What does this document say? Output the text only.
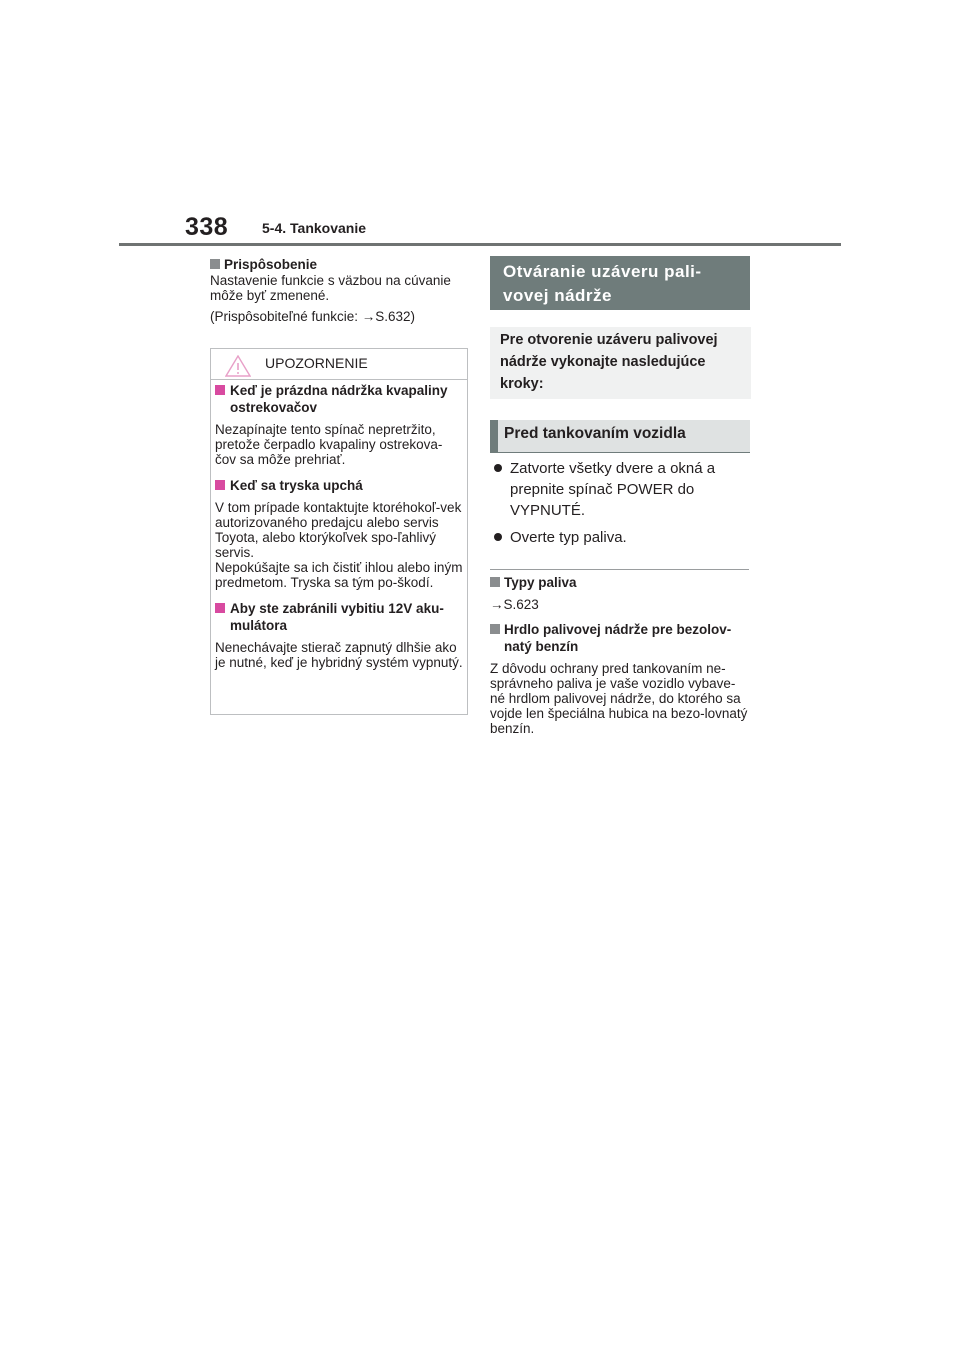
338 5-4. Tankovanie
Prispôsobenie
Nastavenie funkcie s väzbou na cúvanie môže byť zmenené.
(Prispôsobiteľné funkcie: →S.632)
UPOZORNENIE
Keď je prázdna nádržka kvapaliny ostrekovačov
Nezapínajte tento spínač nepretržito, pretože čerpadlo kvapaliny ostrekova-čov sa môže prehriať.
Keď sa tryska upchá
V tom prípade kontaktujte ktoréhokoľ-vek autorizovaného predajcu alebo servis Toyota, alebo ktorýkoľvek spo-ľahlivý servis.
Nepokúšajte sa ich čistiť ihlou alebo iným predmetom. Tryska sa tým po-škodí.
Aby ste zabránili vybitiu 12V aku-mulátora
Nenechávajte stierač zapnutý dlhšie ako je nutné, keď je hybridný systém vypnutý.
Otváranie uzáveru pali-vovej nádrže
Pre otvorenie uzáveru palivovej nádrže vykonajte nasledujúce kroky:
Pred tankovaním vozidla
Zatvorte všetky dvere a okná a prepnite spínač POWER do VYPNUTÉ.
Overte typ paliva.
Typy paliva
→S.623
Hrdlo palivovej nádrže pre bezolov-natý benzín
Z dôvodu ochrany pred tankovaním ne-správneho paliva je vaše vozidlo vybave-né hrdlom palivovej nádrže, do ktorého sa vojde len špeciálna hubica na bezo-lovnatý benzín.
